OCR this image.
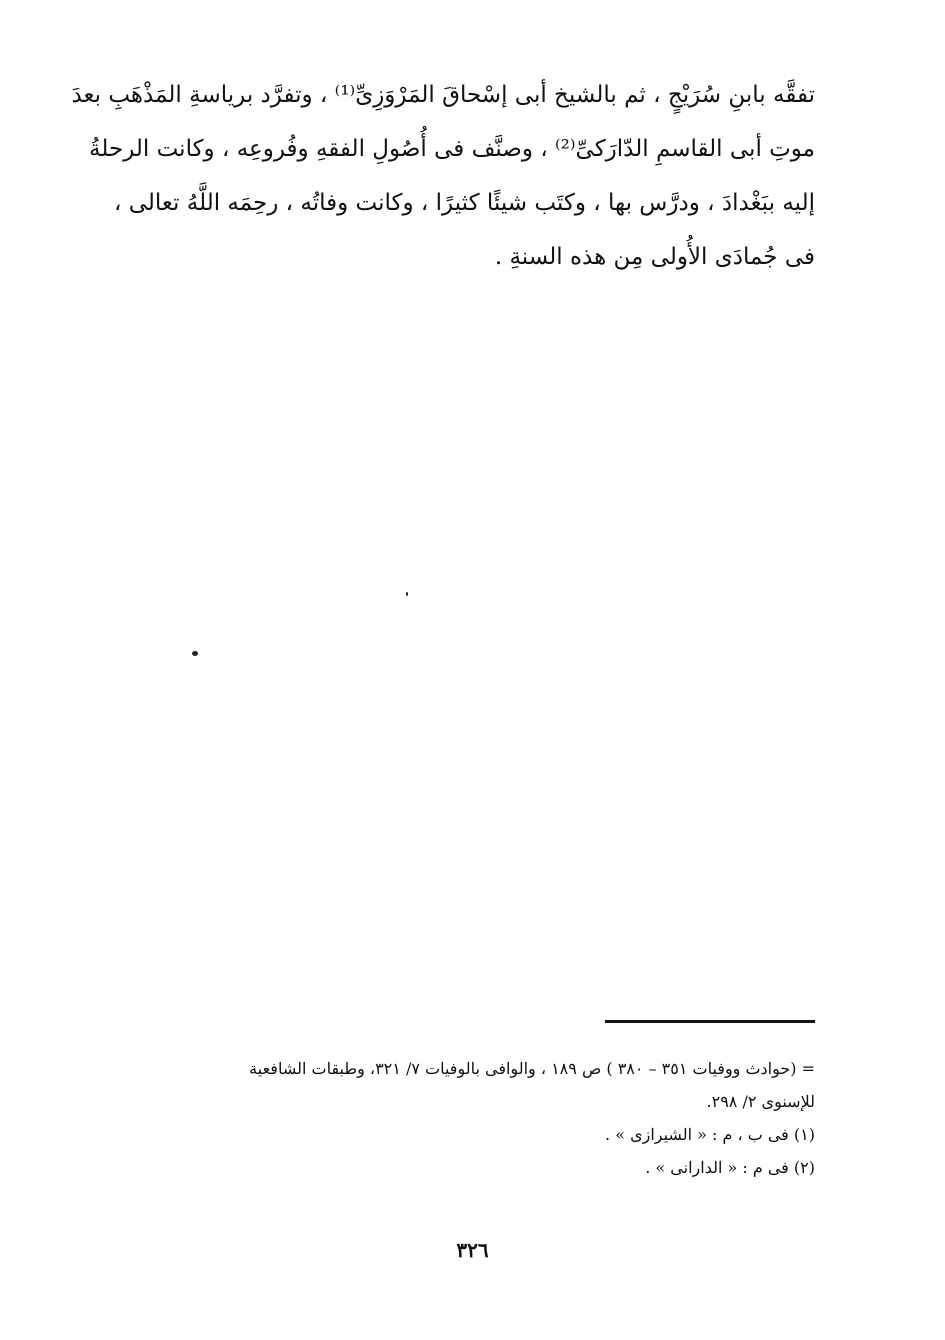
تفقَّه بابنِ سُرَيْجٍ ، ثم بالشيخ أبى إسْحاقَ المَرْوَزِىِّ⁽¹⁾ ، وتفرَّد برياسةِ المَذْهَبِ بعدَ
موتِ أبى القاسمِ الدّارَكىِّ⁽²⁾ ، وصنَّف فى أُصُولِ الفقهِ وفُروعِه ، وكانت الرحلةُ
إليه ببَغْدادَ ، ودرَّس بها ، وكتَب شيئًا كثيرًا ، وكانت وفاتُه ، رحِمَه اللَّهُ تعالى ،
فى جُمادَى الأُولى مِن هذه السنةِ .
= (حوادث ووفيات ٣٥١ – ٣٨٠ ) ص ١٨٩ ، والوافى بالوفيات ٧/ ٣٢١، وطبقات الشافعية
للإسنوى ٢/ ٢٩٨.
(١) فى ب ، م : « الشيرازى » .
(٢) فى م : « الدارانى » .
٣٢٦
